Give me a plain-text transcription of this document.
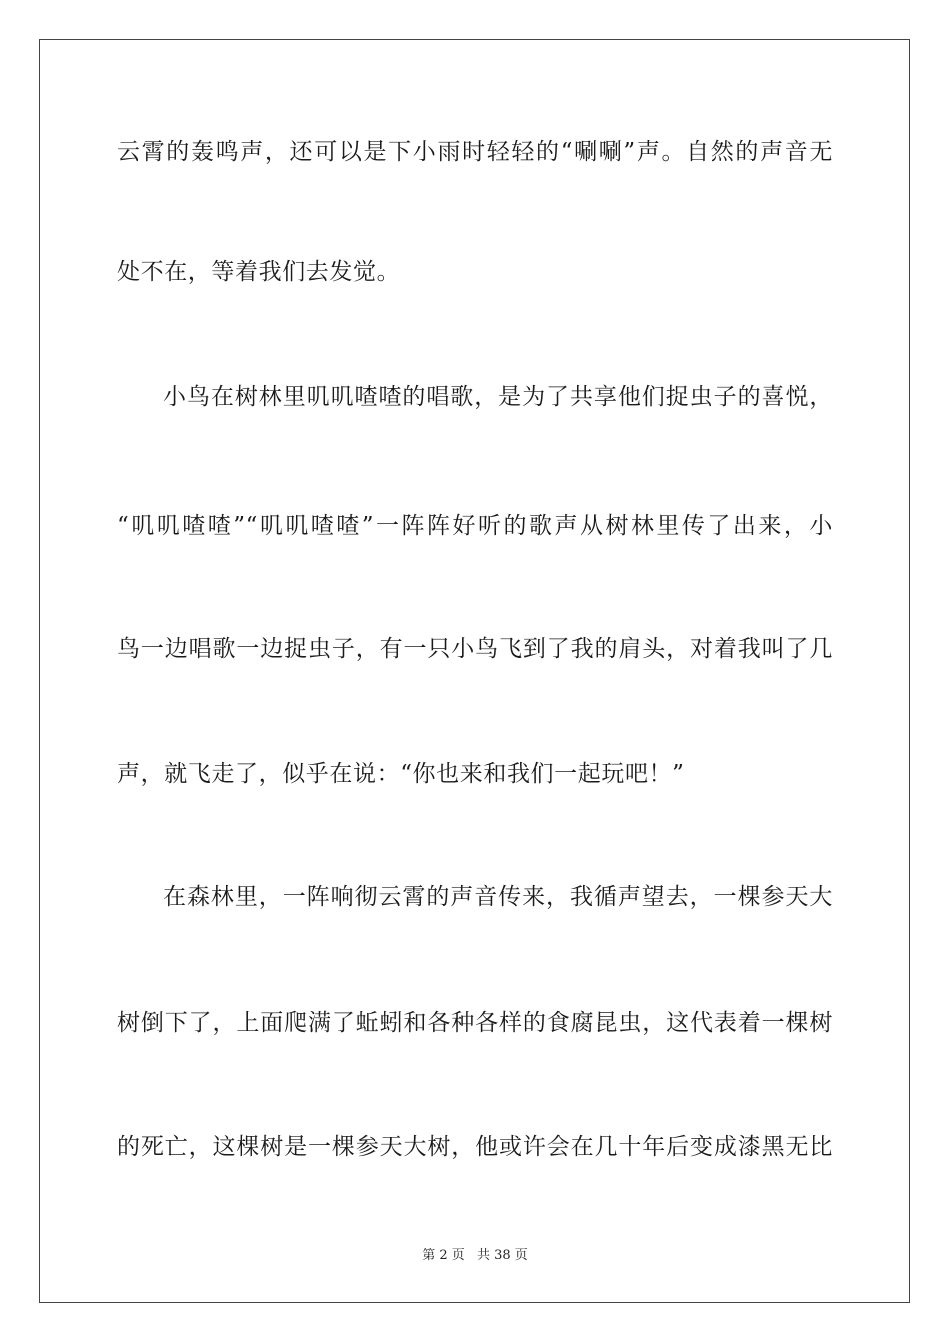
云霄的轰鸣声，还可以是下小雨时轻轻的“唰唰”声。自然的声音无
处不在，等着我们去发觉。
小鸟在树林里叽叽喳喳的唱歌，是为了共享他们捉虫子的喜悦，
“叽叽喳喳”“叽叽喳喳”一阵阵好听的歌声从树林里传了出来，小
鸟一边唱歌一边捉虫子，有一只小鸟飞到了我的肩头，对着我叫了几
声，就飞走了，似乎在说：“你也来和我们一起玩吧！”
在森林里，一阵响彻云霄的声音传来，我循声望去，一棵参天大
树倒下了，上面爬满了蚯蚓和各种各样的食腐昆虫，这代表着一棵树
的死亡，这棵树是一棵参天大树，他或许会在几十年后变成漆黑无比
第 2 页 共 38 页
